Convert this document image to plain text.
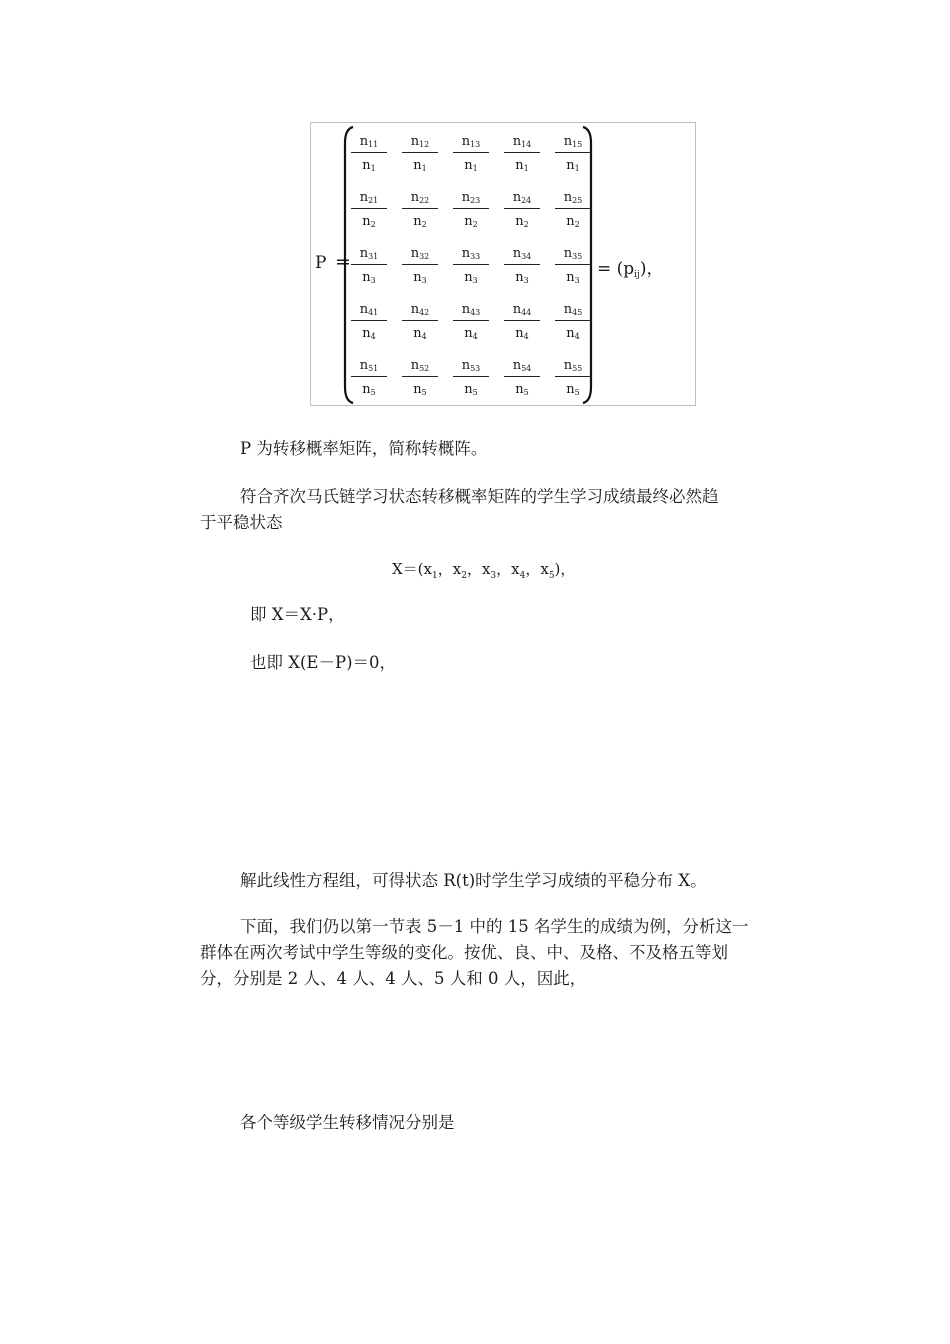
P =
$\frac{n_{11}}{n_1} \frac{n_{12}}{n_1} \frac{n_{13}}{n_1} \frac{n_{14}}{n_1} \frac{n_{15}}{n_1}$
$\frac{n_{21}}{n_2} \frac{n_{22}}{n_2} \frac{n_{23}}{n_2} \frac{n_{24}}{n_2} \frac{n_{25}}{n_2}$
$\frac{n_{31}}{n_3} \frac{n_{32}}{n_3} \frac{n_{33}}{n_3} \frac{n_{34}}{n_3} \frac{n_{35}}{n_3}$
$\frac{n_{41}}{n_4} \frac{n_{42}}{n_4} \frac{n_{43}}{n_4} \frac{n_{44}}{n_4} \frac{n_{45}}{n_4}$
$\frac{n_{51}}{n_5} \frac{n_{52}}{n_5} \frac{n_{53}}{n_5} \frac{n_{54}}{n_5} \frac{n_{55}}{n_5}$
= $(p_{ij})$，

P 为转移概率矩阵，简称转概阵。

符合齐次马氏链学习状态转移概率矩阵的学生学习成绩最终必然趋

于平稳状态

$X=(x_1$，$x_2$，$x_3$，$x_4$，$x_5$)，

即 X＝X·P，

也即 X(E－P)＝0，

解此线性方程组，可得状态 R(t)时学生学习成绩的平稳分布 X。

下面，我们仍以第一节表 5－1 中的 15 名学生的成绩为例，分析这一

群体在两次考试中学生等级的变化。按优、良、中、及格、不及格五等划

分，分别是 2 人、4 人、4 人、5 人和 0 人，因此，

各个等级学生转移情况分别是
